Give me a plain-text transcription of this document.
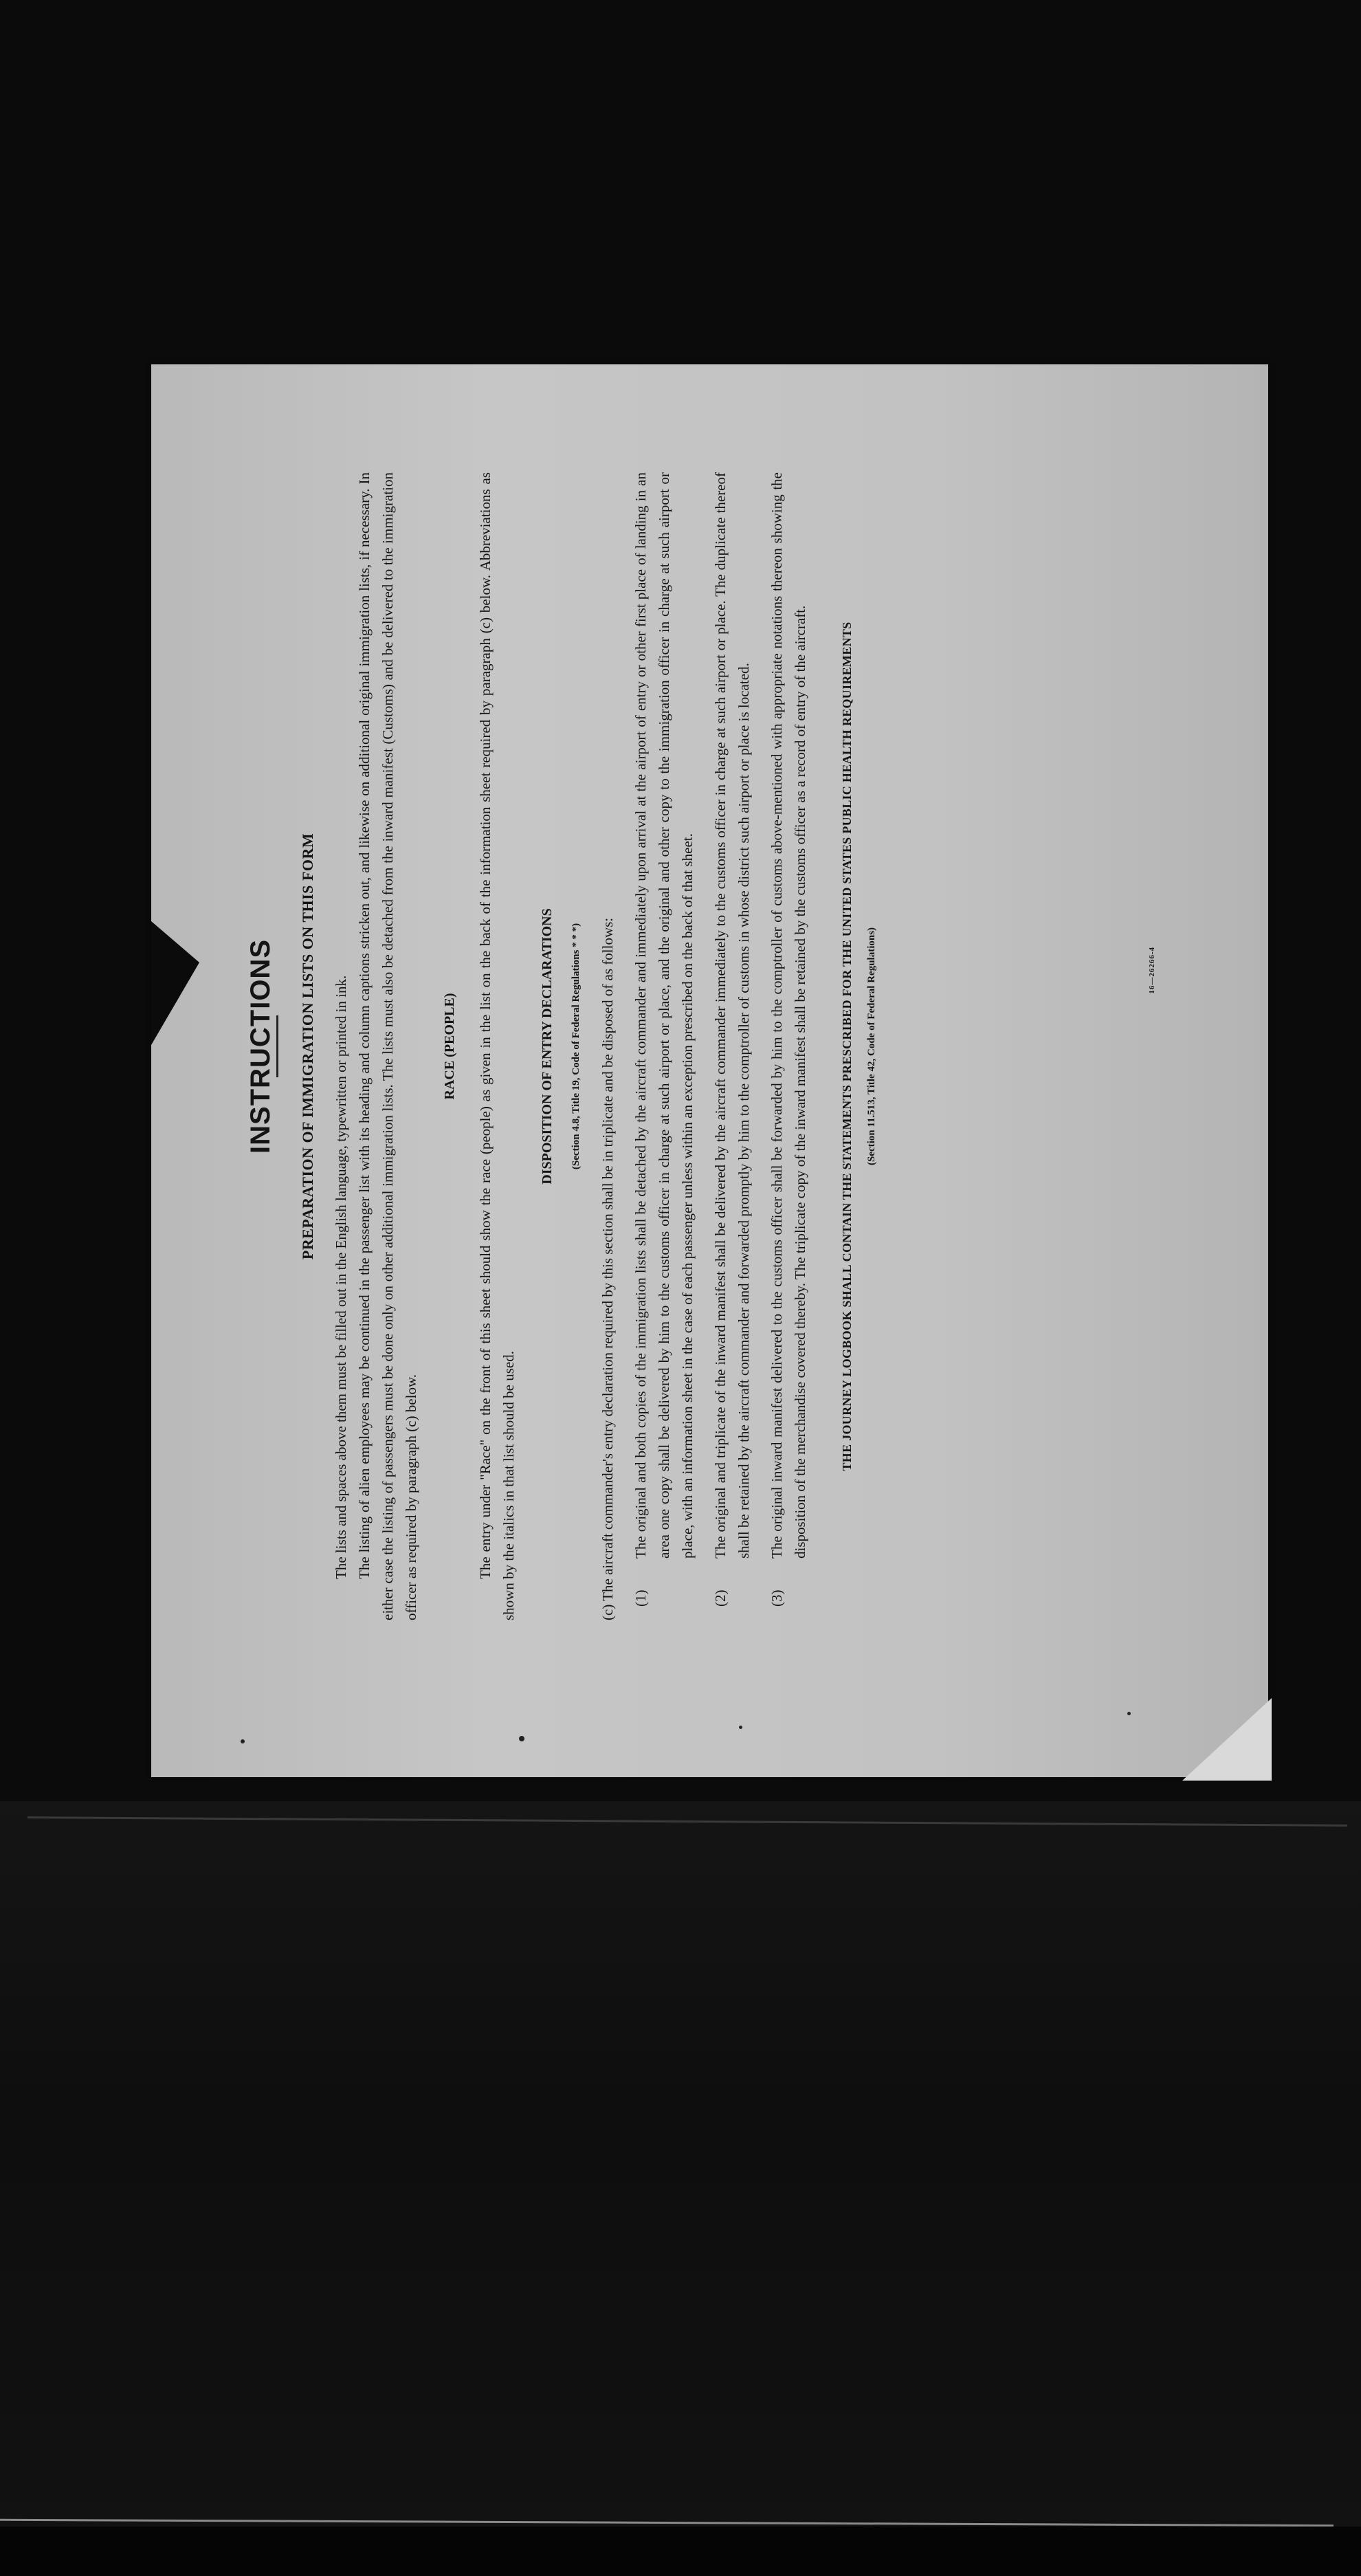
INSTRUCTIONS PREPARATION OF IMMIGRATION LISTS ON THIS FORM The lists and spaces above them must be filled out in the English language, typewritten or printed in ink. The listing of alien employees may be continued in the passenger list with its heading and column captions stricken out, and likewise on additional original immigration lists, if necessary. In either case the listing of passengers must be done only on other additional immigration lists. The lists must also be detached from the inward manifest (Customs) and be delivered to the immigration officer as required by paragraph (c) below.

RACE (PEOPLE) The entry under "Race" on the front of this sheet should show the race (people) as given in the list on the back of the information sheet required by paragraph (c) below. Abbreviations as shown by the italics in that list should be used.

DISPOSITION OF ENTRY DECLARATIONS	(Section 4.8, Title 19, Code of Federal Regulations * * *)	(c) The aircraft commander's entry declaration required by this section shall be in triplicate and be disposed of as follows: (1)
The original and both copies of the immigration lists shall be detached by the aircraft commander and immediately upon arrival at the airport of entry or other first place of landing in an area one copy shall be delivered by him to the customs officer in charge at such airport or place, and the original and other copy to the immigration officer in charge at such airport or place, with an information sheet in the case of each passenger unless within an exception prescribed on the back of that sheet.
(2)
The original and triplicate of the inward manifest shall be delivered by the aircraft commander immediately to the customs officer in charge at such airport or place. The duplicate thereof shall be retained by the aircraft commander and forwarded promptly by him to the comptroller of customs in whose district such airport or place is located.
(3)
The original inward manifest delivered to the customs officer shall be forwarded by him to the comptroller of customs above-mentioned with appropriate notations thereon showing the disposition of the merchandise covered thereby. The triplicate copy of the inward manifest shall be retained by the customs officer as a record of entry of the aircraft.	THE JOURNEY LOGBOOK SHALL CONTAIN THE STATEMENTS PRESCRIBED FOR THE UNITED STATES PUBLIC HEALTH REQUIREMENTS	(Section 11.513, Title 42, Code of Federal Regulations)	16—26266-4
